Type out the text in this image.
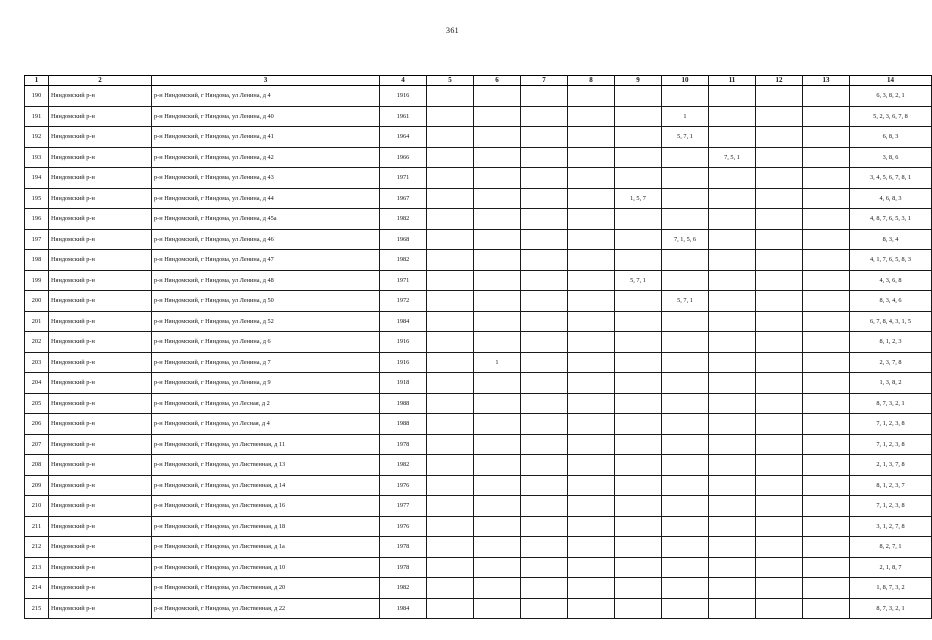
361
1	2	3	4	5	6	7	8	9	10	11	12	13	14
190	Няндомский р-н	р-н Няндомский, г Няндома, ул Ленина, д 4	1916										6, 3, 8, 2, 1
191	Няндомский р-н	р-н Няндомский, г Няндома, ул Ленина, д 40	1961						1				5, 2, 3, 6, 7, 8
192	Няндомский р-н	р-н Няндомский, г Няндома, ул Ленина, д 41	1964						5, 7, 1				6, 8, 3
193	Няндомский р-н	р-н Няндомский, г Няндома, ул Ленина, д 42	1966							7, 5, 1			3, 8, 6
194	Няндомский р-н	р-н Няндомский, г Няндома, ул Ленина, д 43	1971										3, 4, 5, 6, 7, 8, 1
195	Няндомский р-н	р-н Няндомский, г Няндома, ул Ленина, д 44	1967					1, 5, 7					4, 6, 8, 3
196	Няндомский р-н	р-н Няндомский, г Няндома, ул Ленина, д 45а	1982										4, 8, 7, 6, 5, 3, 1
197	Няндомский р-н	р-н Няндомский, г Няндома, ул Ленина, д 46	1968						7, 1, 5, 6				8, 3, 4
198	Няндомский р-н	р-н Няндомский, г Няндома, ул Ленина, д 47	1982										4, 1, 7, 6, 5, 8, 3
199	Няндомский р-н	р-н Няндомский, г Няндома, ул Ленина, д 48	1971					5, 7, 1					4, 3, 6, 8
200	Няндомский р-н	р-н Няндомский, г Няндома, ул Ленина, д 50	1972						5, 7, 1				8, 3, 4, 6
201	Няндомский р-н	р-н Няндомский, г Няндома, ул Ленина, д 52	1984										6, 7, 8, 4, 3, 1, 5
202	Няндомский р-н	р-н Няндомский, г Няндома, ул Ленина, д 6	1916										8, 1, 2, 3
203	Няндомский р-н	р-н Няндомский, г Няндома, ул Ленина, д 7	1916		1								2, 3, 7, 8
204	Няндомский р-н	р-н Няндомский, г Няндома, ул Ленина, д 9	1918										1, 3, 8, 2
205	Няндомский р-н	р-н Няндомский, г Няндома, ул Лесная, д 2	1988										8, 7, 3, 2, 1
206	Няндомский р-н	р-н Няндомский, г Няндома, ул Лесная, д 4	1988										7, 1, 2, 3, 8
207	Няндомский р-н	р-н Няндомский, г Няндома, ул Лиственная, д 11	1978										7, 1, 2, 3, 8
208	Няндомский р-н	р-н Няндомский, г Няндома, ул Лиственная, д 13	1982										2, 1, 3, 7, 8
209	Няндомский р-н	р-н Няндомский, г Няндома, ул Лиственная, д 14	1976										8, 1, 2, 3, 7
210	Няндомский р-н	р-н Няндомский, г Няндома, ул Лиственная, д 16	1977										7, 1, 2, 3, 8
211	Няндомский р-н	р-н Няндомский, г Няндома, ул Лиственная, д 18	1976										3, 1, 2, 7, 8
212	Няндомский р-н	р-н Няндомский, г Няндома, ул Лиственная, д 1а	1978										8, 2, 7, 1
213	Няндомский р-н	р-н Няндомский, г Няндома, ул Лиственная, д 10	1978										2, 1, 8, 7
214	Няндомский р-н	р-н Няндомский, г Няндома, ул Лиственная, д 20	1982										1, 8, 7, 3, 2
215	Няндомский р-н	р-н Няндомский, г Няндома, ул Лиственная, д 22	1984										8, 7, 3, 2, 1
